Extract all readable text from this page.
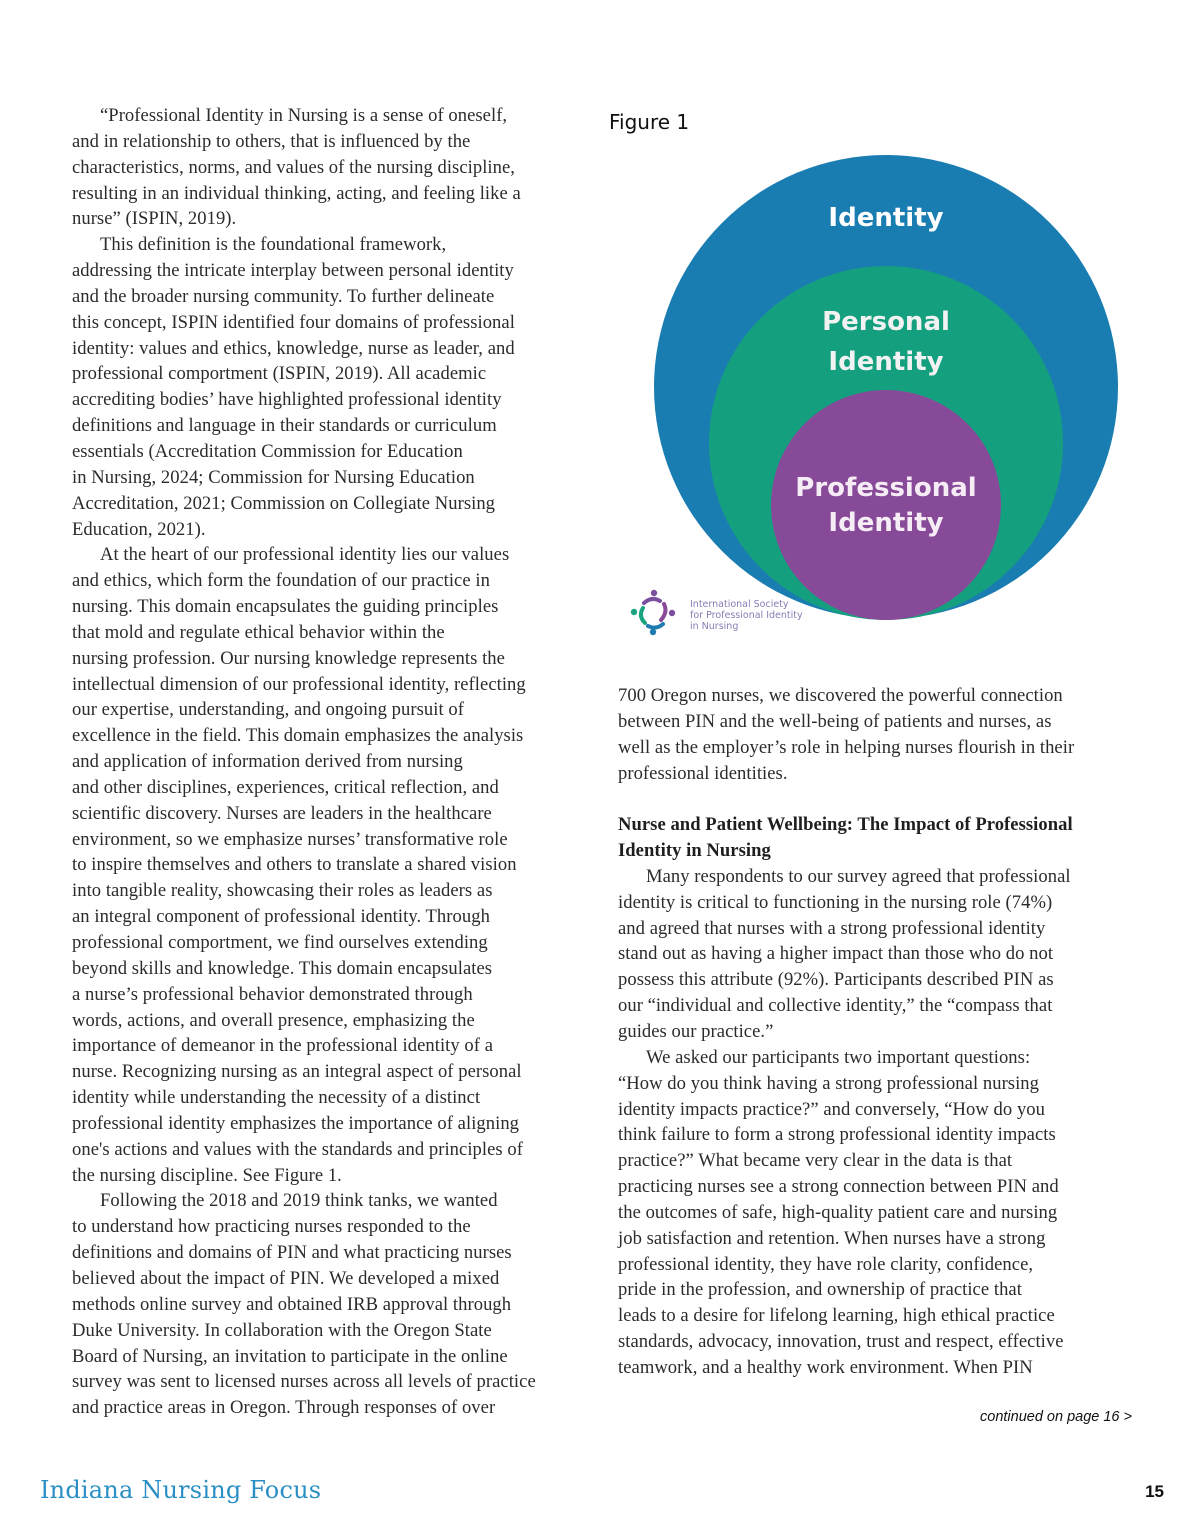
“Professional Identity in Nursing is a sense of oneself,
and in relationship to others, that is influenced by the
characteristics, norms, and values of the nursing discipline,
resulting in an individual thinking, acting, and feeling like a
nurse” (ISPIN, 2019).
This definition is the foundational framework,
addressing the intricate interplay between personal identity
and the broader nursing community. To further delineate
this concept, ISPIN identified four domains of professional
identity: values and ethics, knowledge, nurse as leader, and
professional comportment (ISPIN, 2019). All academic
accrediting bodies’ have highlighted professional identity
definitions and language in their standards or curriculum
essentials (Accreditation Commission for Education
in Nursing, 2024; Commission for Nursing Education
Accreditation, 2021; Commission on Collegiate Nursing
Education, 2021).
At the heart of our professional identity lies our values
and ethics, which form the foundation of our practice in
nursing. This domain encapsulates the guiding principles
that mold and regulate ethical behavior within the
nursing profession. Our nursing knowledge represents the
intellectual dimension of our professional identity, reflecting
our expertise, understanding, and ongoing pursuit of
excellence in the field. This domain emphasizes the analysis
and application of information derived from nursing
and other disciplines, experiences, critical reflection, and
scientific discovery. Nurses are leaders in the healthcare
environment, so we emphasize nurses’ transformative role
to inspire themselves and others to translate a shared vision
into tangible reality, showcasing their roles as leaders as
an integral component of professional identity. Through
professional comportment, we find ourselves extending
beyond skills and knowledge. This domain encapsulates
a nurse’s professional behavior demonstrated through
words, actions, and overall presence, emphasizing the
importance of demeanor in the professional identity of a
nurse. Recognizing nursing as an integral aspect of personal
identity while understanding the necessity of a distinct
professional identity emphasizes the importance of aligning
one's actions and values with the standards and principles of
the nursing discipline. See Figure 1.
Following the 2018 and 2019 think tanks, we wanted
to understand how practicing nurses responded to the
definitions and domains of PIN and what practicing nurses
believed about the impact of PIN. We developed a mixed
methods online survey and obtained IRB approval through
Duke University. In collaboration with the Oregon State
Board of Nursing, an invitation to participate in the online
survey was sent to licensed nurses across all levels of practice
and practice areas in Oregon. Through responses of over
Figure 1
Identity
Personal
Identity
Professional
Identity
International Society
for Professional Identity
in Nursing
700 Oregon nurses, we discovered the powerful connection
between PIN and the well-being of patients and nurses, as
well as the employer’s role in helping nurses flourish in their
professional identities.
Nurse and Patient Wellbeing: The Impact of Professional
Identity in Nursing
Many respondents to our survey agreed that professional
identity is critical to functioning in the nursing role (74%)
and agreed that nurses with a strong professional identity
stand out as having a higher impact than those who do not
possess this attribute (92%). Participants described PIN as
our “individual and collective identity,” the “compass that
guides our practice.”
We asked our participants two important questions:
“How do you think having a strong professional nursing
identity impacts practice?” and conversely, “How do you
think failure to form a strong professional identity impacts
practice?” What became very clear in the data is that
practicing nurses see a strong connection between PIN and
the outcomes of safe, high-quality patient care and nursing
job satisfaction and retention. When nurses have a strong
professional identity, they have role clarity, confidence,
pride in the profession, and ownership of practice that
leads to a desire for lifelong learning, high ethical practice
standards, advocacy, innovation, trust and respect, effective
teamwork, and a healthy work environment. When PIN
continued on page 16 >
Indiana Nursing Focus	15
